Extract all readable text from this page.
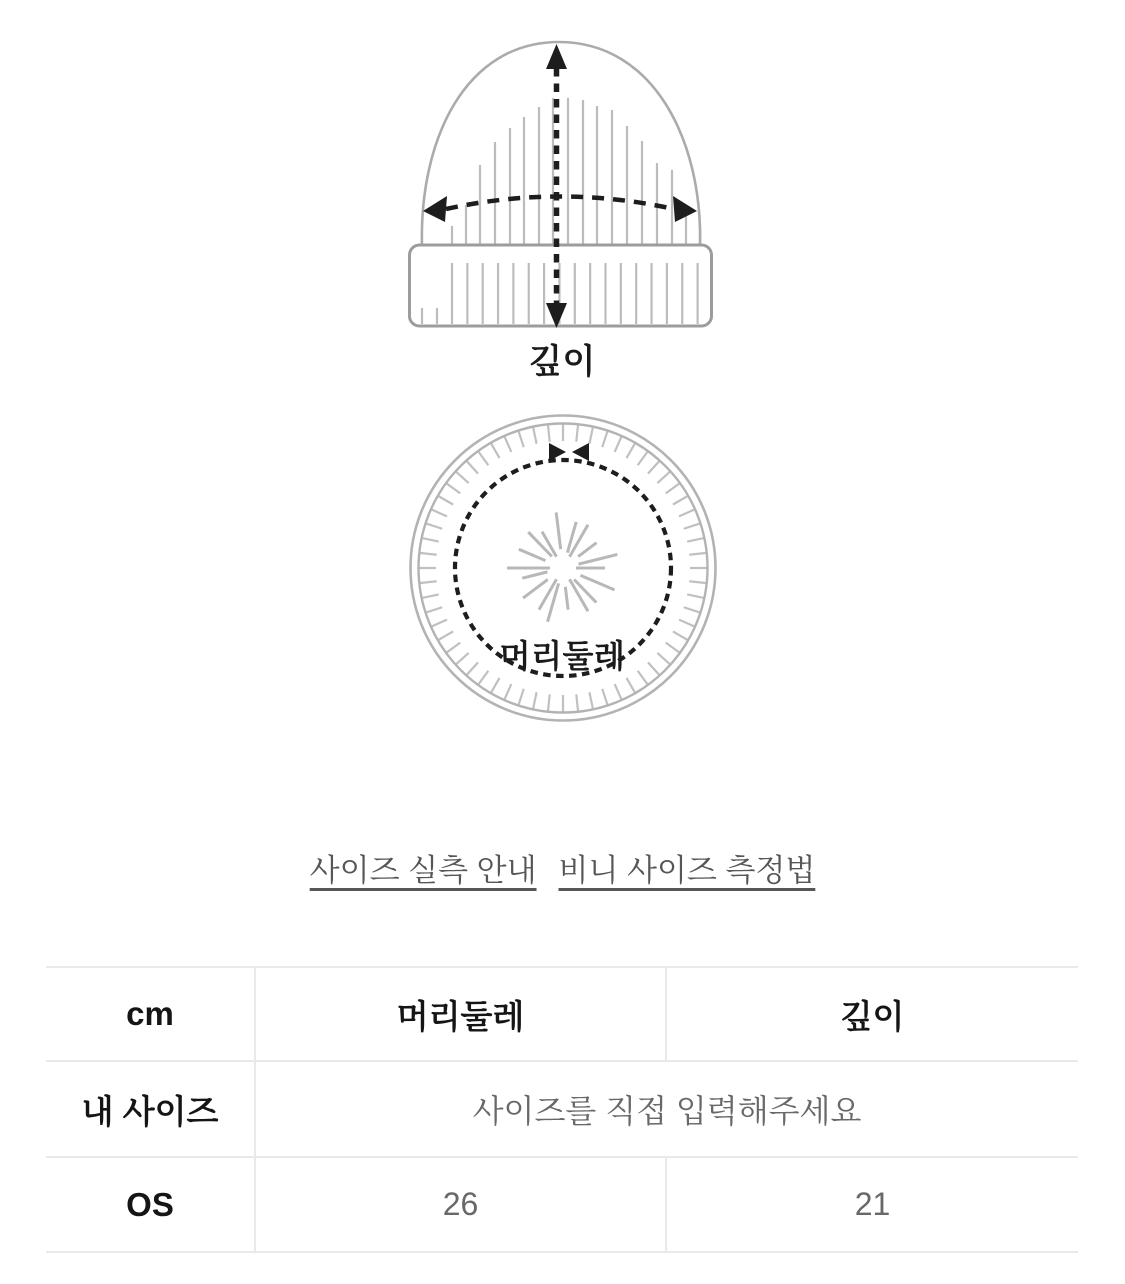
깊이
머리둘레
사이즈 실측 안내 비니 사이즈 측정법
cm	머리둘레	깊이
내 사이즈	사이즈를 직접 입력해주세요	
OS	26	21
